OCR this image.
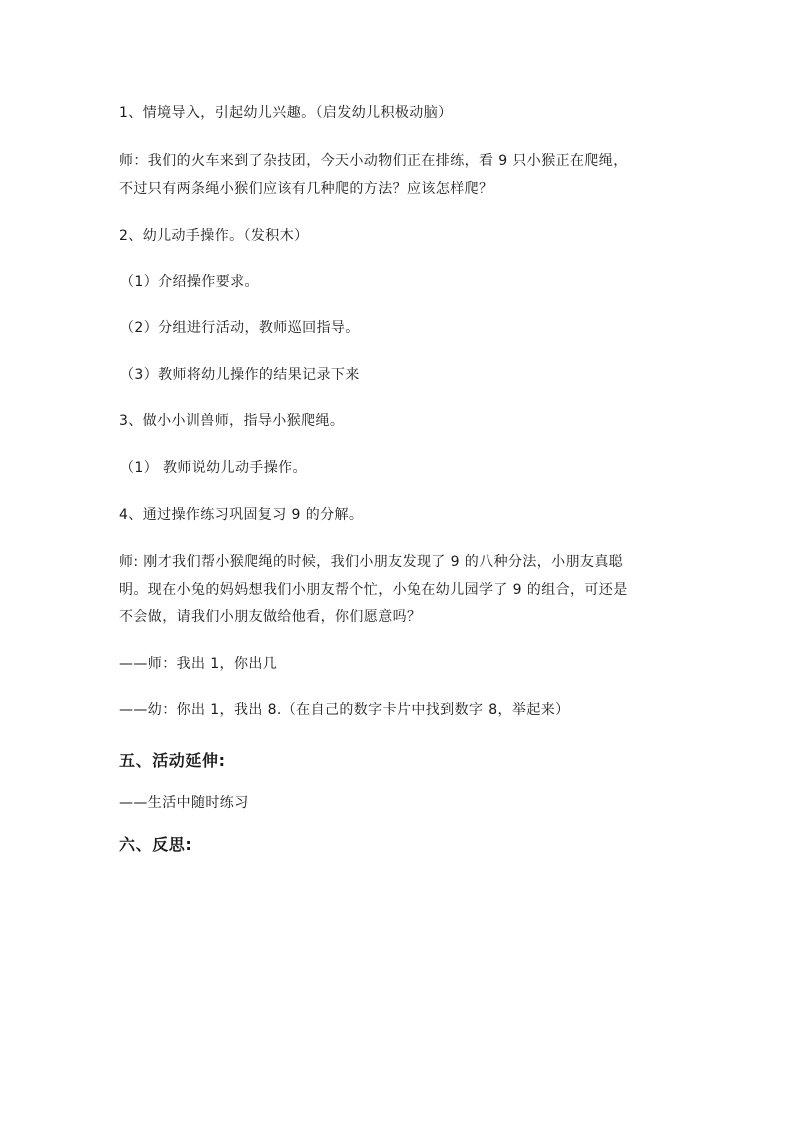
1、情境导入，引起幼儿兴趣。（启发幼儿积极动脑）
师：我们的火车来到了杂技团，今天小动物们正在排练，看 9 只小猴正在爬绳，
不过只有两条绳小猴们应该有几种爬的方法？应该怎样爬？
2、幼儿动手操作。（发积木）
（1）介绍操作要求。
（2）分组进行活动，教师巡回指导。
（3）教师将幼儿操作的结果记录下来
3、做小小训兽师，指导小猴爬绳。
（1） 教师说幼儿动手操作。
4、通过操作练习巩固复习 9 的分解。
师: 刚才我们帮小猴爬绳的时候，我们小朋友发现了 9 的八种分法，小朋友真聪
明。现在小兔的妈妈想我们小朋友帮个忙，小兔在幼儿园学了 9 的组合，可还是
不会做，请我们小朋友做给他看，你们愿意吗？
——师：我出 1，你出几
——幼：你出 1，我出 8.（在自己的数字卡片中找到数字 8，举起来）
五、活动延伸:
——生活中随时练习
六、反思:
